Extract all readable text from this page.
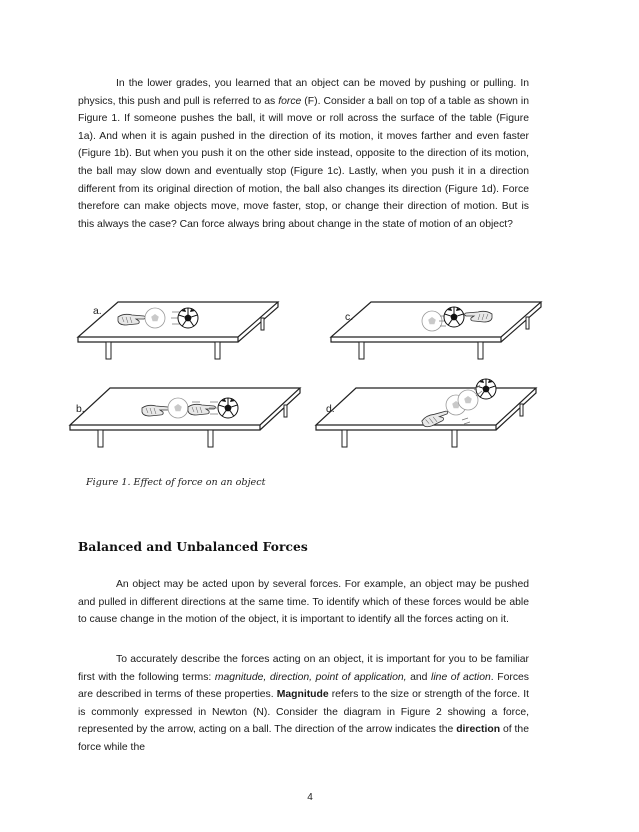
In the lower grades, you learned that an object can be moved by pushing or pulling. In physics, this push and pull is referred to as force (F). Consider a ball on top of a table as shown in Figure 1. If someone pushes the ball, it will move or roll across the surface of the table (Figure 1a). And when it is again pushed in the direction of its motion, it moves farther and even faster (Figure 1b). But when you push it on the other side instead, opposite to the direction of its motion, the ball may slow down and eventually stop (Figure 1c). Lastly, when you push it in a direction different from its original direction of motion, the ball also changes its direction (Figure 1d). Force therefore can make objects move, move faster, stop, or change their direction of motion. But is this always the case? Can force always bring about change in the state of motion of an object?

a.
b.
c.
d.
Figure 1. Effect of force on an object
Balanced and Unbalanced Forces

An object may be acted upon by several forces. For example, an object may be pushed and pulled in different directions at the same time. To identify which of these forces would be able to cause change in the motion of the object, it is important to identify all the forces acting on it.

To accurately describe the forces acting on an object, it is important for you to be familiar first with the following terms: magnitude, direction, point of application, and line of action. Forces are described in terms of these properties. Magnitude refers to the size or strength of the force. It is commonly expressed in Newton (N). Consider the diagram in Figure 2 showing a force, represented by the arrow, acting on a ball. The direction of the arrow indicates the direction of the force while the

4
